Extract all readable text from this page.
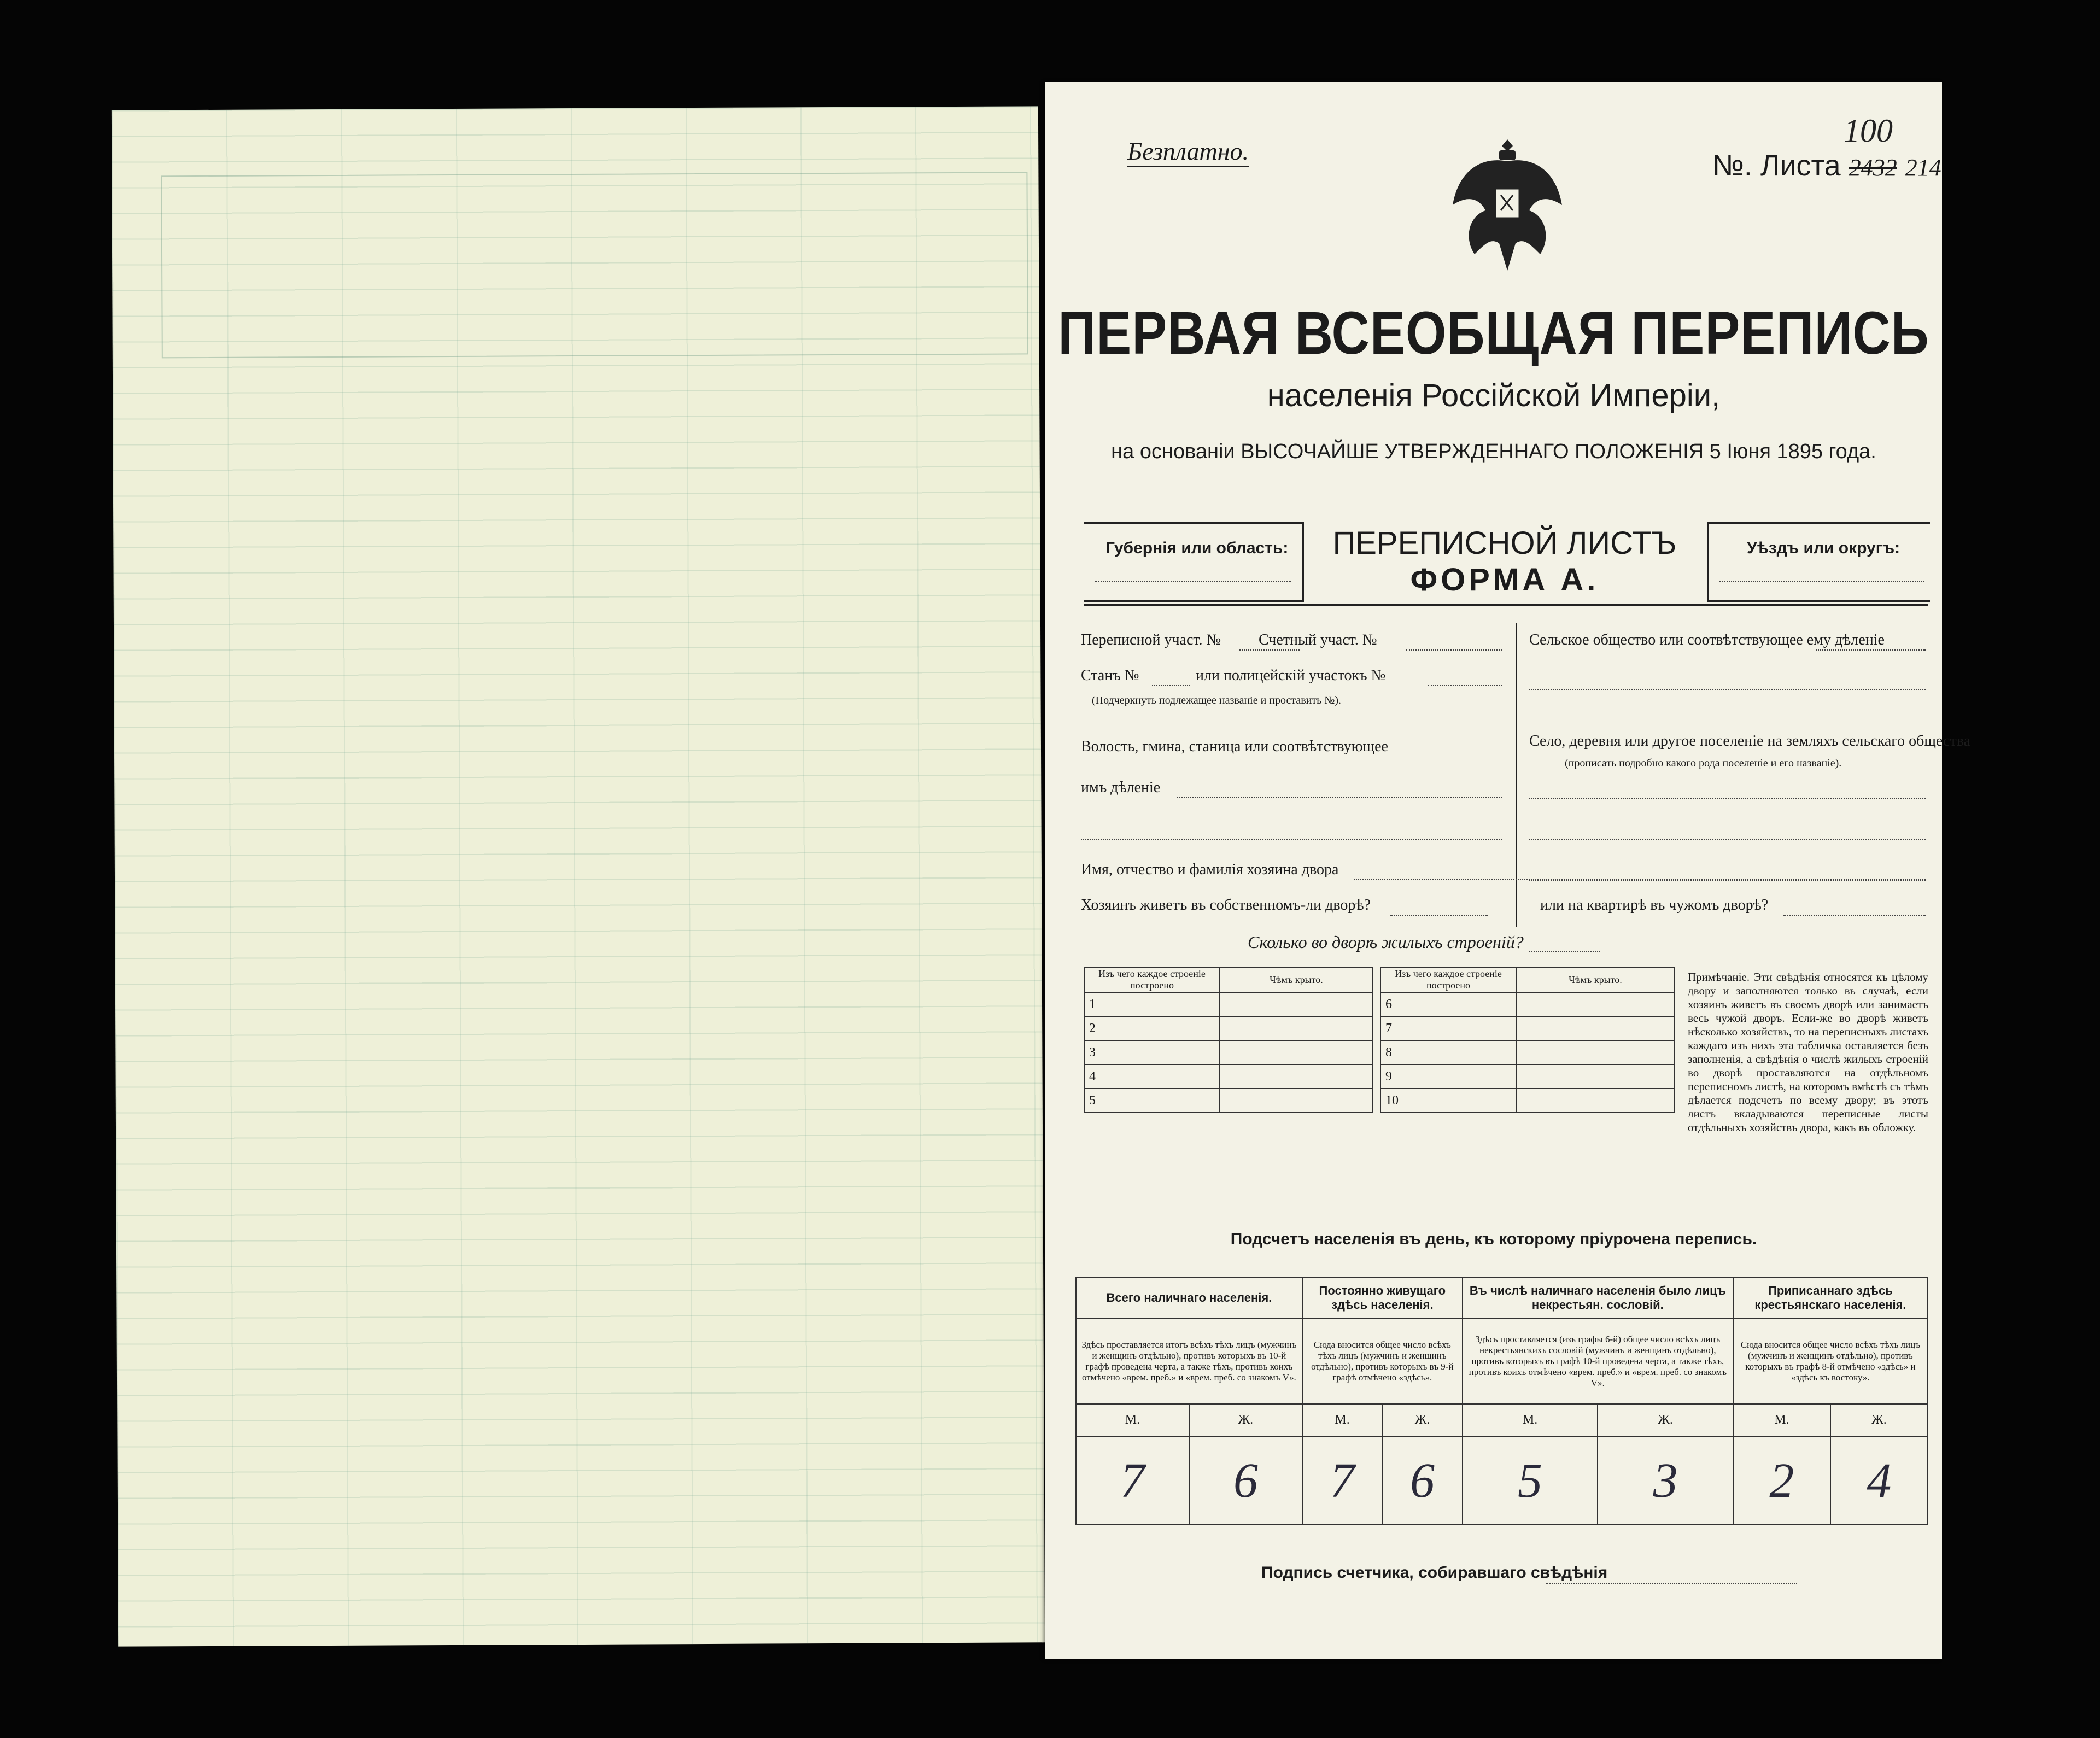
Безплатно.
100
№. Листа 2432 214
ПЕРВАЯ ВСЕОБЩАЯ ПЕРЕПИСЬ
населенія Россійской Имперіи,
на основаніи ВЫСОЧАЙШЕ УТВЕРЖДЕННАГО ПОЛОЖЕНІЯ 5 Іюня 1895 года.
Губернія или область:	ПЕРЕПИСНОЙ ЛИСТЪ
ФОРМА А.
Уѣздъ или округъ:
Переписной участ. № Счетный участ. №
Станъ №	или полицейскій участокъ №
(Подчеркнуть подлежащее названіе и проставить №).
Волость, гмина, станица или соотвѣтствующее
имъ дѣленіе
Сельское общество или соотвѣтствующее ему дѣленіе
Село, деревня или другое поселеніе на земляхъ сельскаго общества
(прописать подробно какого рода поселеніе и его названіе).
Имя, отчество и фамилія хозяина двора
Хозяинъ живетъ въ собственномъ-ли дворѣ?	или на квартирѣ въ чужомъ дворѣ?
Сколько во дворѣ жилыхъ строеній?
Изъ чего каждое строеніе построено	Чѣмъ крыто.
1	
2	
3	
4	
5	
Изъ чего каждое строеніе построено	Чѣмъ крыто.
6	
7	
8	
9	
10	
Примѣчаніе. Эти свѣдѣнія относятся къ цѣлому двору и заполняются только въ случаѣ, если хозяинъ живетъ въ своемъ дворѣ или занимаетъ весь чужой дворъ. Если-же во дворѣ живетъ нѣсколько хозяйствъ, то на переписныхъ листахъ каждаго изъ нихъ эта табличка оставляется безъ заполненія, а свѣдѣнія о числѣ жилыхъ строеній во дворѣ проставляются на отдѣльномъ переписномъ листѣ, на которомъ вмѣстѣ съ тѣмъ дѣлается подсчетъ по всему двору; въ этотъ листъ вкладываются переписные листы отдѣльныхъ хозяйствъ двора, какъ въ обложку.
Подсчетъ населенія въ день, къ которому пріурочена перепись.
Всего наличнаго населенія.		Постоянно живущаго здѣсь населенія.		Въ числѣ наличнаго населенія было лицъ некрестьян. сословій.		Приписаннаго здѣсь крестьянскаго населенія.	
Здѣсь проставляется итогъ всѣхъ тѣхъ лицъ (мужчинъ и женщинъ отдѣльно), противъ которыхъ въ 10-й графѣ проведена черта, а также тѣхъ, противъ коихъ отмѣчено «врем. преб.» и «врем. преб. со знакомъ V».		Сюда вносится общее число всѣхъ тѣхъ лицъ (мужчинъ и женщинъ отдѣльно), противъ которыхъ въ 9-й графѣ отмѣчено «здѣсь».		Здѣсь проставляется (изъ графы 6-й) общее число всѣхъ лицъ некрестьянскихъ сословій (мужчинъ и женщинъ отдѣльно), противъ которыхъ въ графѣ 10-й проведена черта, а также тѣхъ, противъ коихъ отмѣчено «врем. преб.» и «врем. преб. со знакомъ V».		Сюда вносится общее число всѣхъ тѣхъ лицъ (мужчинъ и женщинъ отдѣльно), противъ которыхъ въ графѣ 8-й отмѣчено «здѣсь» и «здѣсь къ востоку».	
М.	Ж.	М.	Ж.	М.	Ж.	М.	Ж.
7	6	7	6	5	3	2	4
Подпись счетчика, собиравшаго свѣдѣнія
